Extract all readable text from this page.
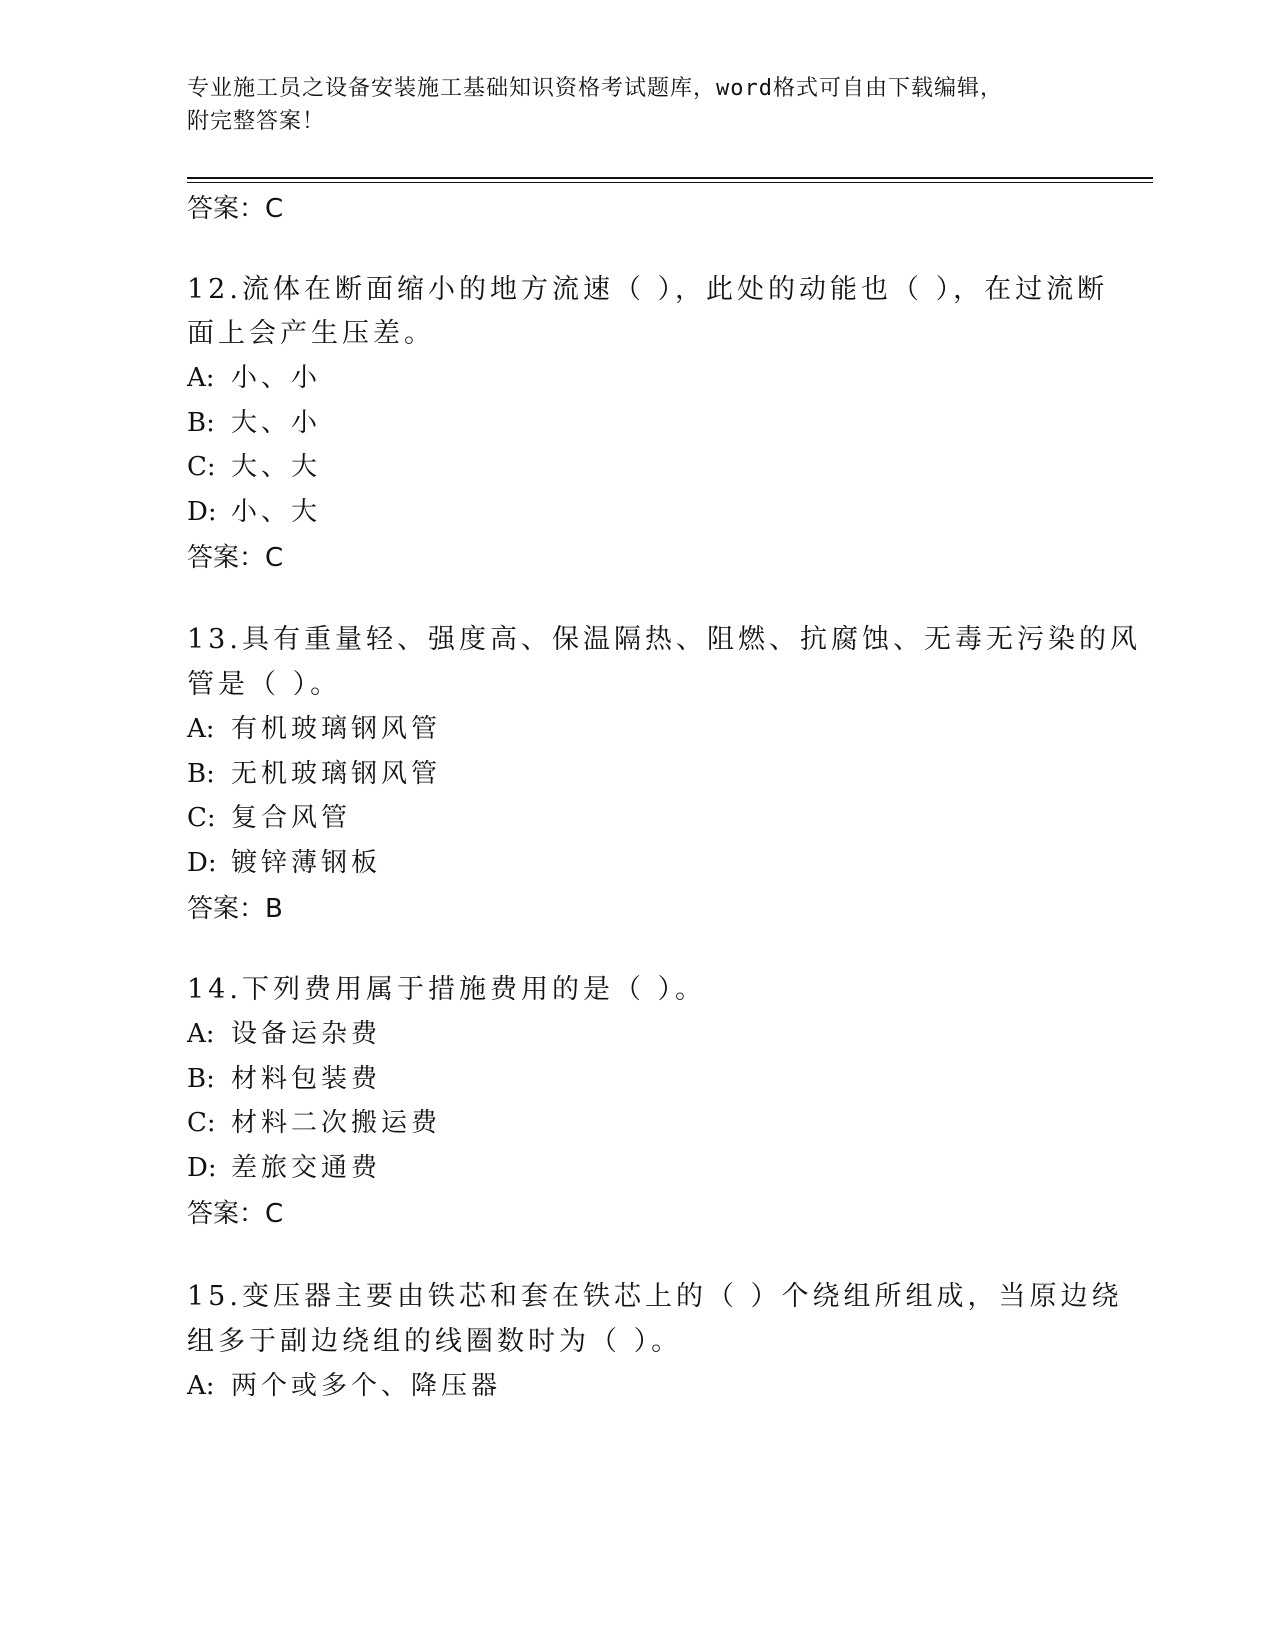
专业施工员之设备安装施工基础知识资格考试题库，word格式可自由下载编辑，
附完整答案！
答案：C
12.流体在断面缩小的地方流速（ ），此处的动能也（ ），在过流断
面上会产生压差。
A: 小、小
B: 大、小
C: 大、大
D: 小、大
答案：C
13.具有重量轻、强度高、保温隔热、阻燃、抗腐蚀、无毒无污染的风
管是（ ）。
A: 有机玻璃钢风管
B: 无机玻璃钢风管
C: 复合风管
D: 镀锌薄钢板
答案：B
14.下列费用属于措施费用的是（ ）。
A: 设备运杂费
B: 材料包装费
C: 材料二次搬运费
D: 差旅交通费
答案：C
15.变压器主要由铁芯和套在铁芯上的（ ）个绕组所组成，当原边绕
组多于副边绕组的线圈数时为（ ）。
A: 两个或多个、降压器
